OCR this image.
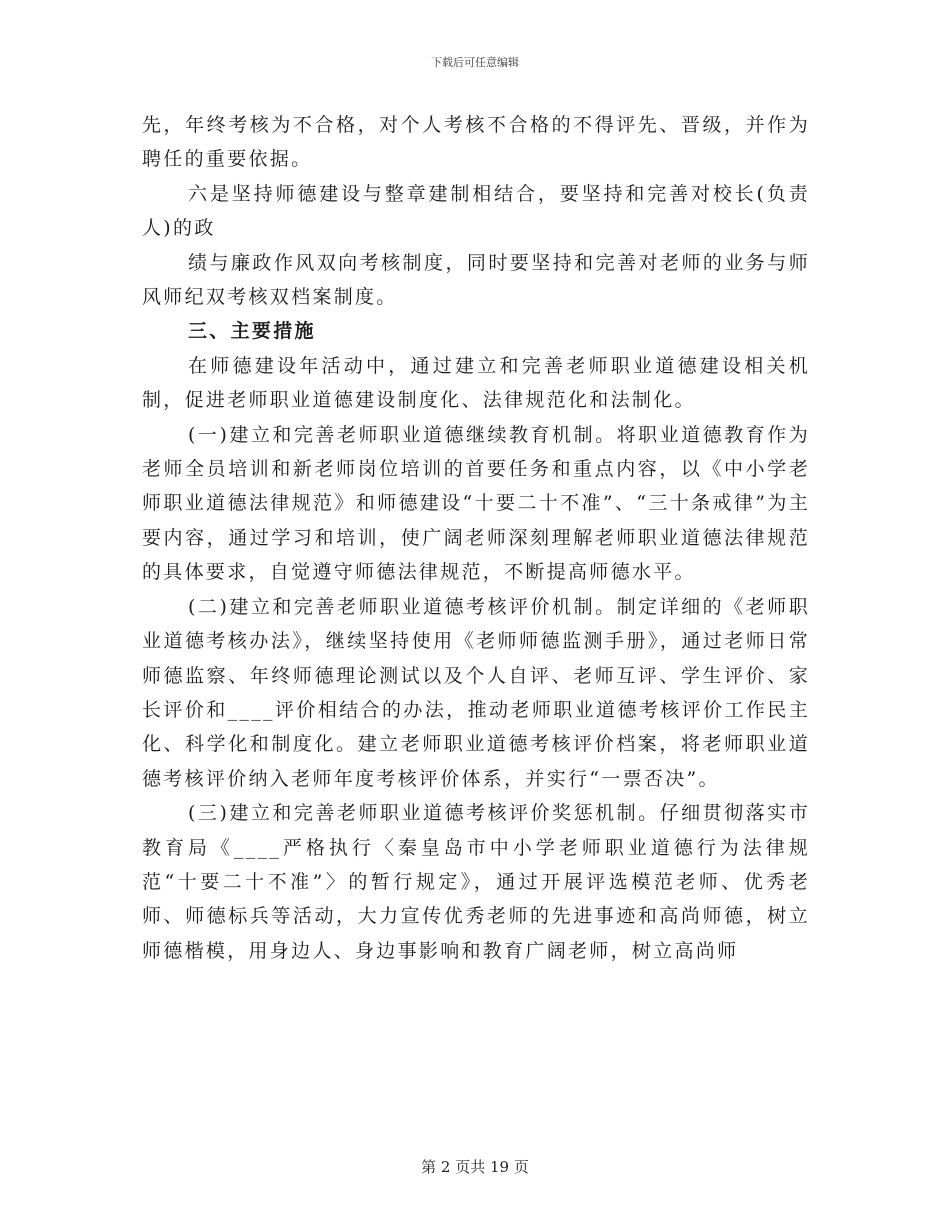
下载后可任意编辑

先，年终考核为不合格，对个人考核不合格的不得评先、晋级，并作为聘任的重要依据。

六是坚持师德建设与整章建制相结合，要坚持和完善对校长(负责人)的政

绩与廉政作风双向考核制度，同时要坚持和完善对老师的业务与师风师纪双考核双档案制度。

三、主要措施

在师德建设年活动中，通过建立和完善老师职业道德建设相关机制，促进老师职业道德建设制度化、法律规范化和法制化。

(一)建立和完善老师职业道德继续教育机制。将职业道德教育作为老师全员培训和新老师岗位培训的首要任务和重点内容，以《中小学老师职业道德法律规范》和师德建设“十要二十不准”、“三十条戒律”为主要内容，通过学习和培训，使广阔老师深刻理解老师职业道德法律规范的具体要求，自觉遵守师德法律规范，不断提高师德水平。

(二)建立和完善老师职业道德考核评价机制。制定详细的《老师职业道德考核办法》，继续坚持使用《老师师德监测手册》，通过老师日常师德监察、年终师德理论测试以及个人自评、老师互评、学生评价、家长评价和____评价相结合的办法，推动老师职业道德考核评价工作民主化、科学化和制度化。建立老师职业道德考核评价档案，将老师职业道德考核评价纳入老师年度考核评价体系，并实行“一票否决”。

(三)建立和完善老师职业道德考核评价奖惩机制。仔细贯彻落实市教育局《____严格执行〈秦皇岛市中小学老师职业道德行为法律规范“十要二十不准”〉的暂行规定》，通过开展评选模范老师、优秀老师、师德标兵等活动，大力宣传优秀老师的先进事迹和高尚师德，树立师德楷模，用身边人、身边事影响和教育广阔老师，树立高尚师

第 2 页共 19 页
